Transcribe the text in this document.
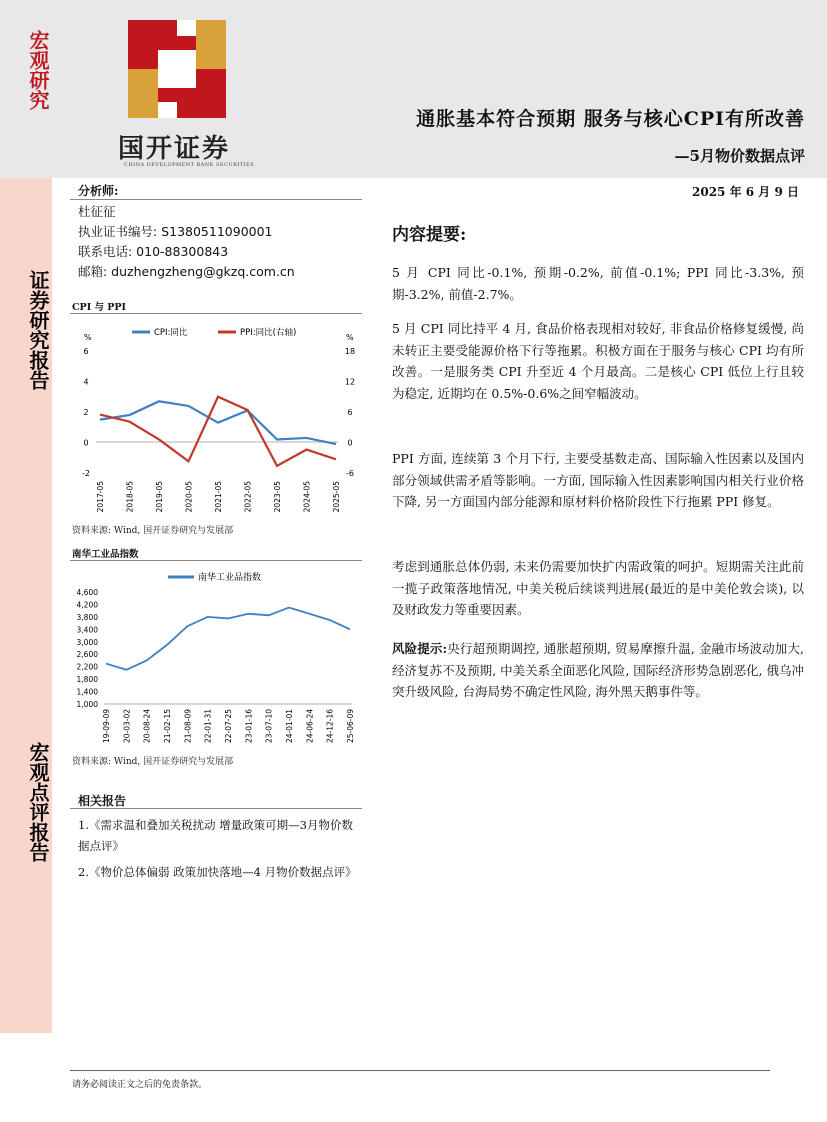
宏观研究
证券研究报告
宏观点评报告
国开证券
CHINA DEVELOPMENT BANK SECURITIES
通胀基本符合预期 服务与核心CPI有所改善
—5月物价数据点评
分析师:
杜征征
执业证书编号: S1380511090001
联系电话: 010-88300843
邮箱: duzhengzheng@gkzq.com.cn
2025 年 6 月 9 日
CPI 与 PPI
%	%
CPI:同比	PPI:同比(右轴)
6
4
2
0
-2
18
12
6
0
-6
2017-05	2018-05	2019-05	2020-05	2021-05	2022-05	2023-05	2024-05	2025-05
资料来源: Wind, 国开证券研究与发展部
南华工业品指数
南华工业品指数
4,600
4,200
3,800
3,400
3,000
2,600
2,200
1,800
1,400
1,000
19-09-09 20-03-02 20-08-24 21-02-15 21-08-09 22-01-31 22-07-25 23-01-16 23-07-10 24-01-01 24-06-24 24-12-16 25-06-09
资料来源: Wind, 国开证券研究与发展部
相关报告
1.《需求温和叠加关税扰动 增量政策可期—3月物价数据点评》
2.《物价总体偏弱 政策加快落地—4 月物价数据点评》
内容提要:
5 月 CPI 同比-0.1%, 预期-0.2%, 前值-0.1%; PPI 同比-3.3%, 预期-3.2%, 前值-2.7%。
5 月 CPI 同比持平 4 月, 食品价格表现相对较好, 非食品价格修复缓慢, 尚未转正主要受能源价格下行等拖累。积极方面在于服务与核心 CPI 均有所改善。一是服务类 CPI 升至近 4 个月最高。二是核心 CPI 低位上行且较为稳定, 近期均在 0.5%-0.6%之间窄幅波动。
PPI 方面, 连续第 3 个月下行, 主要受基数走高、国际输入性因素以及国内部分领域供需矛盾等影响。一方面, 国际输入性因素影响国内相关行业价格下降, 另一方面国内部分能源和原材料价格阶段性下行拖累 PPI 修复。
考虑到通胀总体仍弱, 未来仍需要加快扩内需政策的呵护。短期需关注此前一揽子政策落地情况, 中美关税后续谈判进展(最近的是中美伦敦会谈), 以及财政发力等重要因素。
风险提示:央行超预期调控, 通胀超预期, 贸易摩擦升温, 金融市场波动加大, 经济复苏不及预期, 中美关系全面恶化风险, 国际经济形势急剧恶化, 俄乌冲突升级风险, 台海局势不确定性风险, 海外黑天鹅事件等。
请务必阅读正文之后的免责条款。
